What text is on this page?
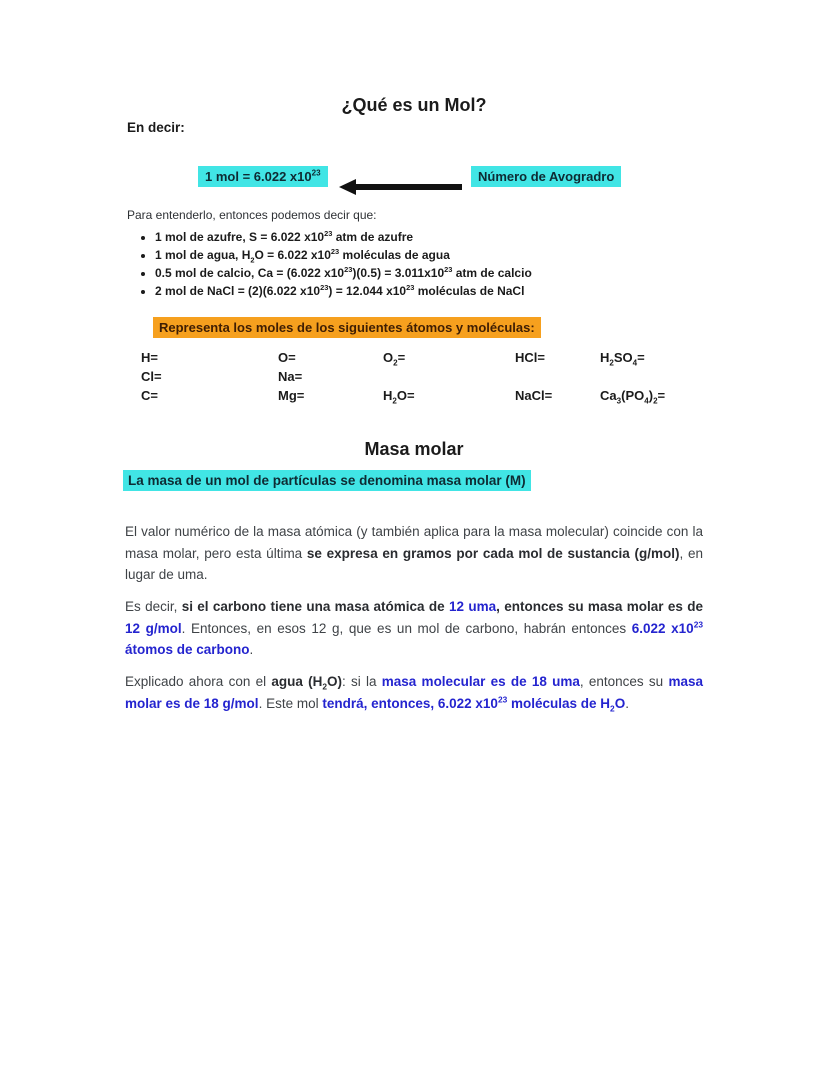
¿Qué es un Mol?
En decir:
1 mol = 6.022 $x10^{23}$	Número de Avogradro
Para entenderlo, entonces podemos decir que:
• 1 mol de azufre, S = 6.022 $x10^{23}$ atm de azufre
• 1 mol de agua, $H_2O = 6.022$ $x10^{23}$ moléculas de agua
• 0.5 mol de calcio, Ca = (6.022 $x10^{23})(0.5) = 3.011x10^{23}$ atm de calcio
• 2 mol de NaCl = (2)(6.022 $x10^{23}) = 12.044$ $x10^{23}$ moléculas de NaCl
Representa los moles de los siguientes átomos y moléculas:
H=	O=	$O_2=$	HCl=	$H_2SO_4=$
Cl=	Na=
C=	Mg=	$H_2O=$	NaCl=	$Ca_3(PO_4)_2=$
Masa molar
La masa de un mol de partículas se denomina masa molar (M)

El valor numérico de la masa atómica (y también aplica para la masa molecular) coincide con la masa molar, pero esta última se expresa en gramos por cada mol de sustancia (g/mol), en lugar de uma.

Es decir, si el carbono tiene una masa atómica de 12 uma, entonces su masa molar es de 12 g/mol. Entonces, en esos 12 g, que es un mol de carbono, habrán entonces 6.022 $x10^{23}$ átomos de carbono.

Explicado ahora con el agua $(H_2O)$: si la masa molecular es de 18 uma, entonces su masa molar es de 18 g/mol. Este mol tendrá, entonces, 6.022 $x10^{23}$ moléculas de $H_2O$.
